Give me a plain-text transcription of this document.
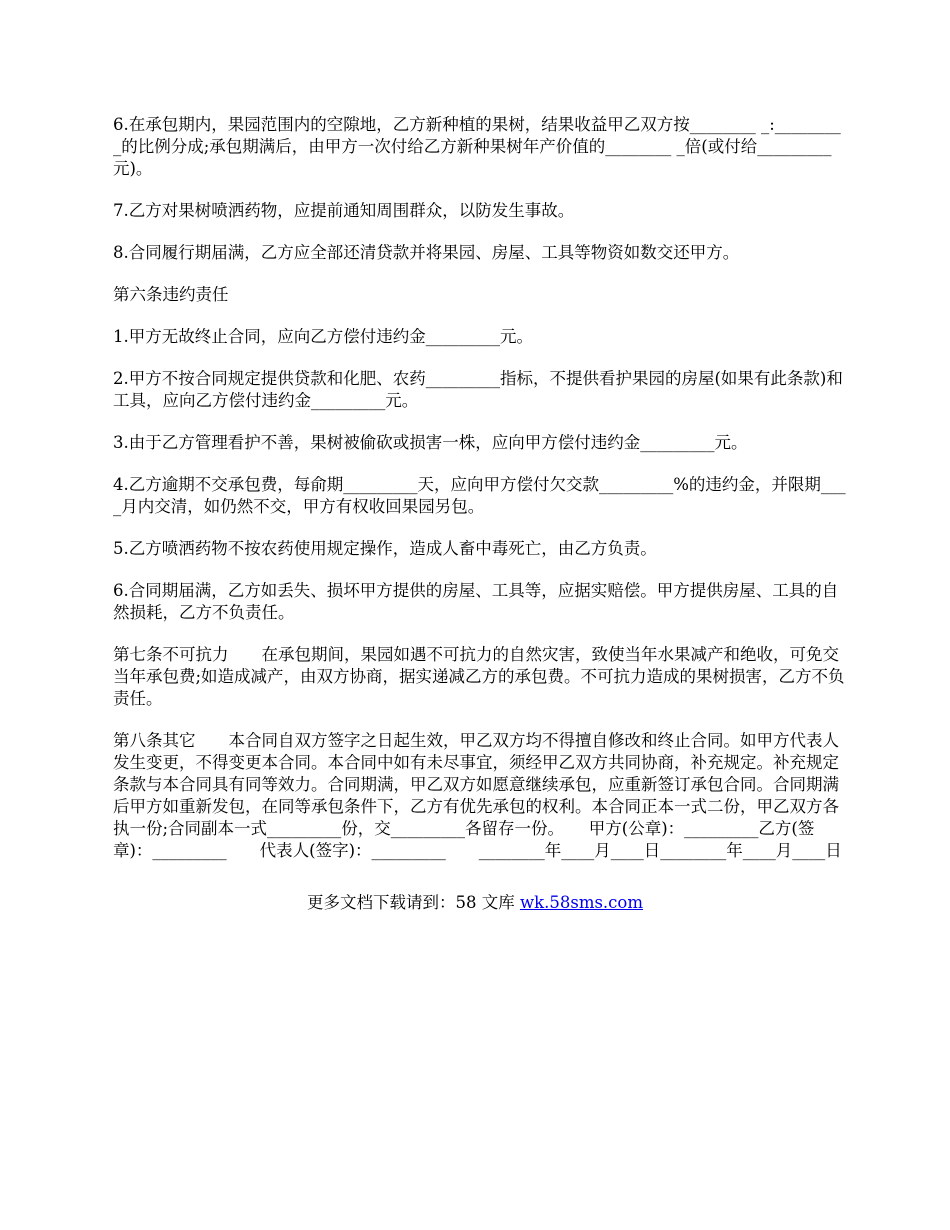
6.在承包期内，果园范围内的空隙地，乙方新种植的果树，结果收益甲乙双方按________ _:_________的比例分成;承包期满后，由甲方一次付给乙方新种果树年产价值的________ _倍(或付给_________元)。

7.乙方对果树喷洒药物，应提前通知周围群众，以防发生事故。

8.合同履行期届满，乙方应全部还清贷款并将果园、房屋、工具等物资如数交还甲方。

第六条违约责任

1.甲方无故终止合同，应向乙方偿付违约金_________元。

2.甲方不按合同规定提供贷款和化肥、农药_________指标，不提供看护果园的房屋(如果有此条款)和工具，应向乙方偿付违约金_________元。

3.由于乙方管理看护不善，果树被偷砍或损害一株，应向甲方偿付违约金_________元。

4.乙方逾期不交承包费，每俞期_________天，应向甲方偿付欠交款_________%的违约金，并限期____月内交清，如仍然不交，甲方有权收回果园另包。

5.乙方喷洒药物不按农药使用规定操作，造成人畜中毒死亡，由乙方负责。

6.合同期届满，乙方如丢失、损坏甲方提供的房屋、工具等，应据实赔偿。甲方提供房屋、工具的自然损耗，乙方不负责任。

第七条不可抗力　　在承包期间，果园如遇不可抗力的自然灾害，致使当年水果减产和绝收，可免交当年承包费;如造成减产，由双方协商，据实递减乙方的承包费。不可抗力造成的果树损害，乙方不负责任。

第八条其它　　本合同自双方签字之日起生效，甲乙双方均不得擅自修改和终止合同。如甲方代表人发生变更，不得变更本合同。本合同中如有未尽事宜，须经甲乙双方共同协商，补充规定。补充规定条款与本合同具有同等效力。合同期满，甲乙双方如愿意继续承包，应重新签订承包合同。合同期满后甲方如重新发包，在同等承包条件下，乙方有优先承包的权利。本合同正本一式二份，甲乙双方各执一份;合同副本一式_________份，交_________各留存一份。　　甲方(公章)：_________乙方(签章)：_________　　代表人(签字)：_________　　________年____月____日________年____月____日

更多文档下载请到：58 文库 wk.58sms.com
